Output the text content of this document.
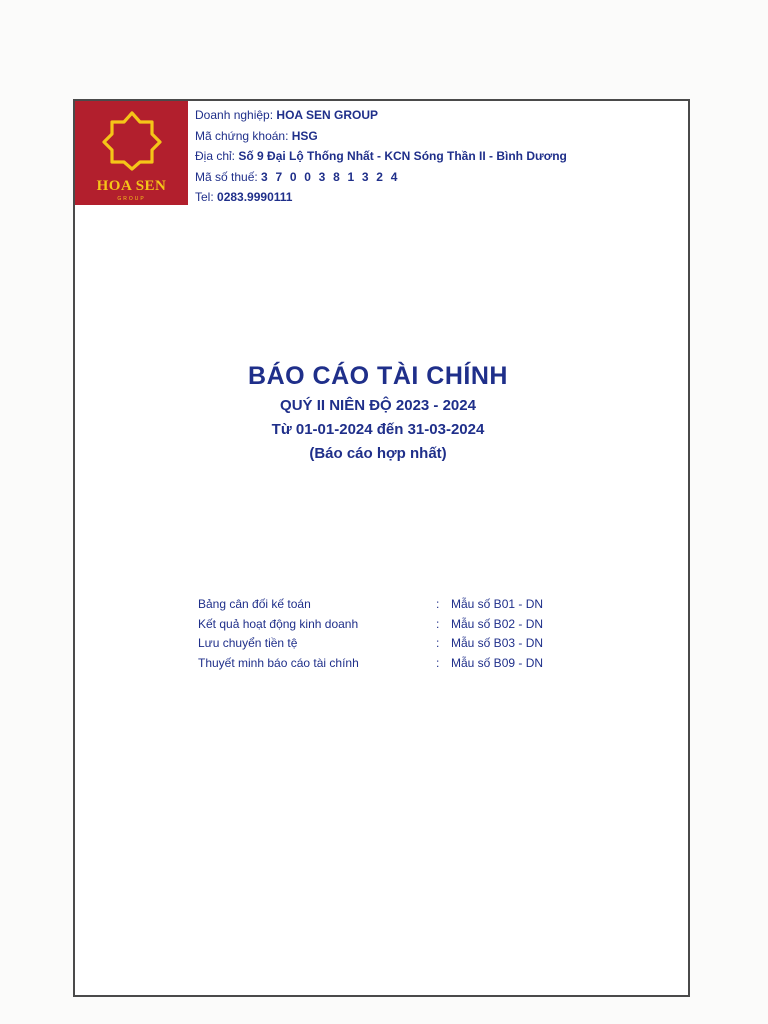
HOA SEN
GROUP
Doanh nghiệp: HOA SEN GROUP
Mã chứng khoán: HSG
Địa chỉ: Số 9 Đại Lộ Thống Nhất - KCN Sóng Thần II - Bình Dương
Mã số thuế: 3 7 0 0 3 8 1 3 2 4
Tel: 0283.9990111
BÁO CÁO TÀI CHÍNH
QUÝ II NIÊN ĐỘ 2023 - 2024
Từ 01-01-2024 đến 31-03-2024
(Báo cáo hợp nhất)
Bảng cân đối kế toán	: Mẫu số B01 - DN
Kết quả hoạt động kinh doanh	: Mẫu số B02 - DN
Lưu chuyển tiền tệ	: Mẫu số B03 - DN
Thuyết minh báo cáo tài chính	: Mẫu số B09 - DN
